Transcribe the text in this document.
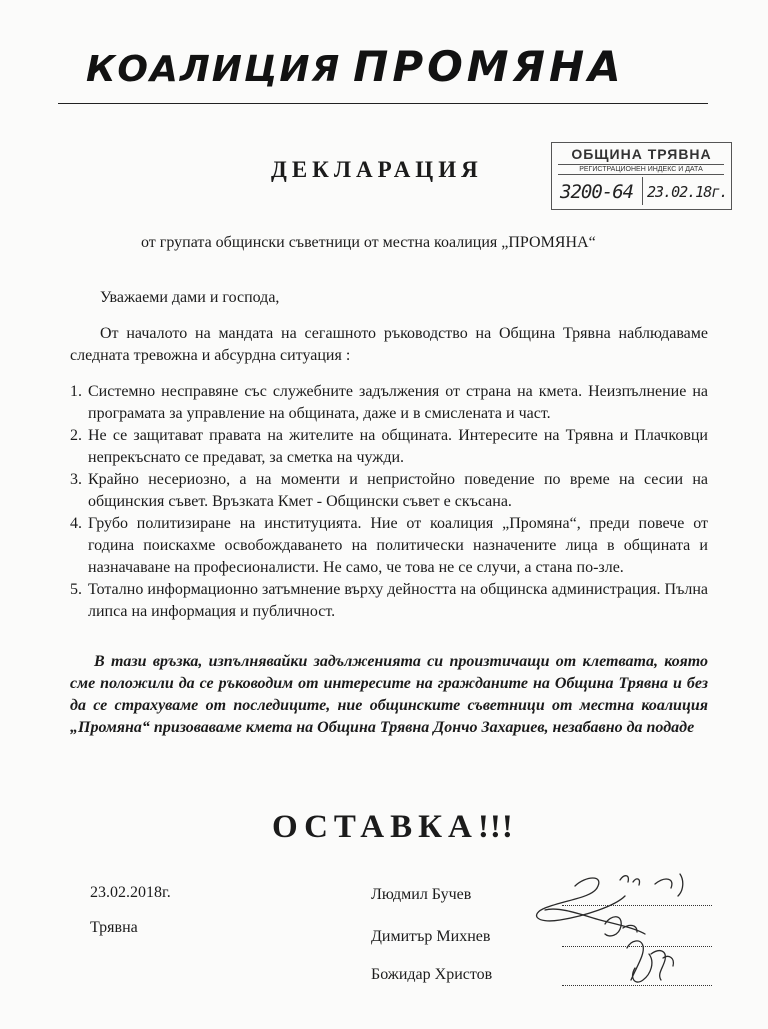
КОАЛИЦИЯ ПРОМЯНА
ОБЩИНА ТРЯВНА
РЕГИСТРАЦИОНЕН ИНДЕКС И ДАТА
3200-64 23.02.18г.
ДЕКЛАРАЦИЯ
от групата общински съветници от местна коалиция „ПРОМЯНА“
Уважаеми дами и господа,
От началото на мандата на сегашното ръководство на Община Трявна наблюдаваме следната тревожна и абсурдна ситуация :
1. Системно несправяне със служебните задължения от страна на кмета. Неизпълнение на програмата за управление на общината, даже и в смислената и част.
2. Не се защитават правата на жителите на общината. Интересите на Трявна и Плачковци непрекъснато се предават, за сметка на чужди.
3. Крайно несериозно, а на моменти и непристойно поведение по време на сесии на общинския съвет. Връзката Кмет - Общински съвет е скъсана.
4. Грубо политизиране на институцията. Ние от коалиция „Промяна“, преди повече от година поискахме освобождаването на политически назначените лица в общината и назначаване на професионалисти. Не само, че това не се случи, а стана по-зле.
5. Тотално информационно затъмнение върху дейността на общинска администрация. Пълна липса на информация и публичност.
В тази връзка, изпълнявайки задълженията си произтичащи от клетвата, която сме положили да се ръководим от интересите на гражданите на Община Трявна и без да се страхуваме от последиците, ние общинските съветници от местна коалиция „Промяна“ призоваваме кмета на Община Трявна Дончо Захариев, незабавно да подаде
ОСТАВКА!!!
23.02.2018г.
Трявна
Людмил Бучев
Димитър Михнев
Божидар Христов
